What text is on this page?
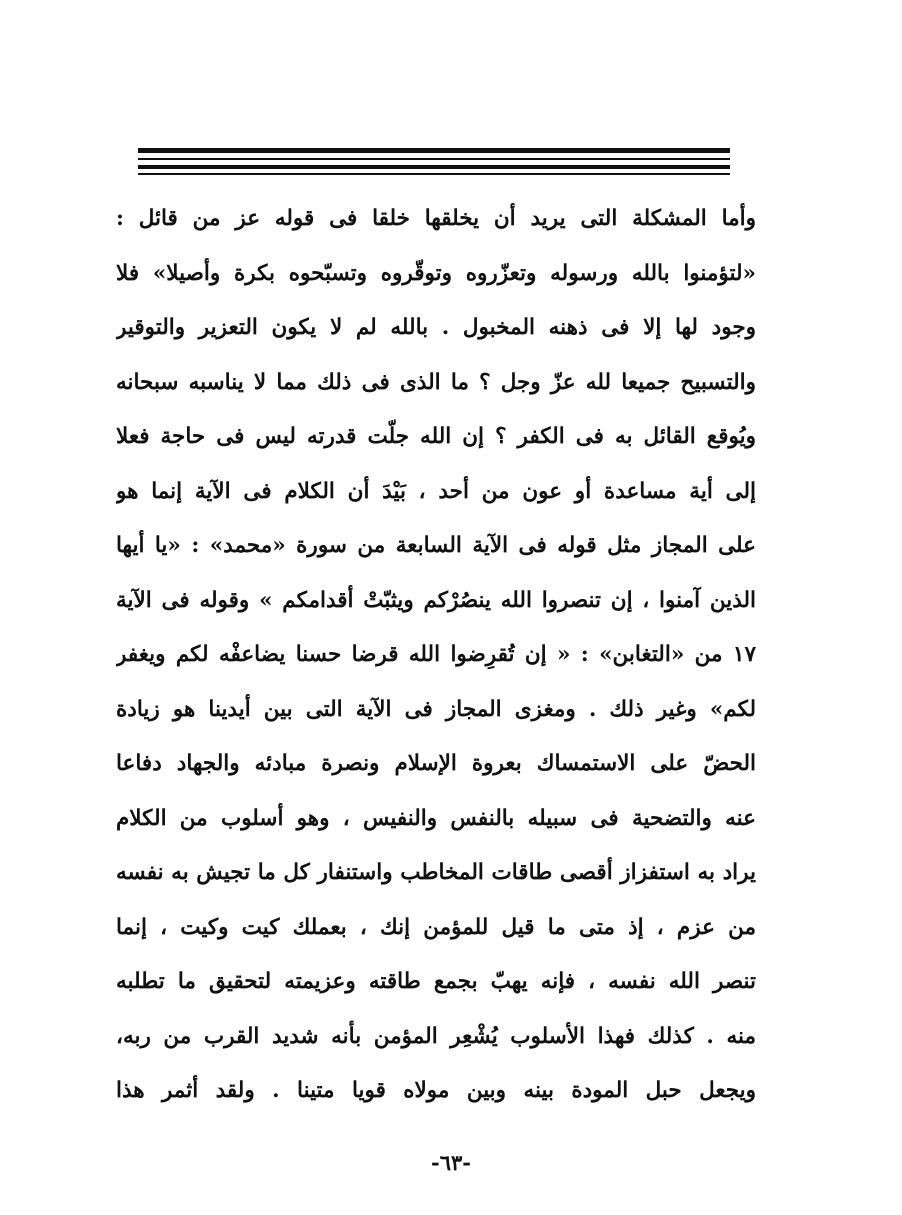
وأما المشكلة التى يريد أن يخلقها خلقا فى قوله عز من قائل :
«لتؤمنوا بالله ورسوله وتعزّروه وتوقّروه وتسبّحوه بكرة وأصيلا» فلا
وجود لها إلا فى ذهنه المخبول . بالله لم لا يكون التعزير والتوقير
والتسبيح جميعا لله عزّ وجل ؟ ما الذى فى ذلك مما لا يناسبه سبحانه
ويُوقع القائل به فى الكفر ؟ إن الله جلّت قدرته ليس فى حاجة فعلا
إلى أية مساعدة أو عون من أحد ، بَيْدَ أن الكلام فى الآية إنما هو
على المجاز مثل قوله فى الآية السابعة من سورة «محمد» : «يا أيها
الذين آمنوا ، إن تنصروا الله ينصُرْكم ويثبّتْ أقدامكم » وقوله فى الآية
١٧ من «التغابن» : « إن تُقرِضوا الله قرضا حسنا يضاعفْه لكم ويغفر
لكم» وغير ذلك . ومغزى المجاز فى الآية التى بين أيدينا هو زيادة
الحضّ على الاستمساك بعروة الإسلام ونصرة مبادئه والجهاد دفاعا
عنه والتضحية فى سبيله بالنفس والنفيس ، وهو أسلوب من الكلام
يراد به استفزاز أقصى طاقات المخاطب واستنفار كل ما تجيش به نفسه
من عزم ، إذ متى ما قيل للمؤمن إنك ، بعملك كيت وكيت ، إنما
تنصر الله نفسه ، فإنه يهبّ بجمع طاقته وعزيمته لتحقيق ما تطلبه
منه . كذلك فهذا الأسلوب يُشْعِر المؤمن بأنه شديد القرب من ربه،
ويجعل حبل المودة بينه وبين مولاه قويا متينا . ولقد أثمر هذا
-٦٣-
